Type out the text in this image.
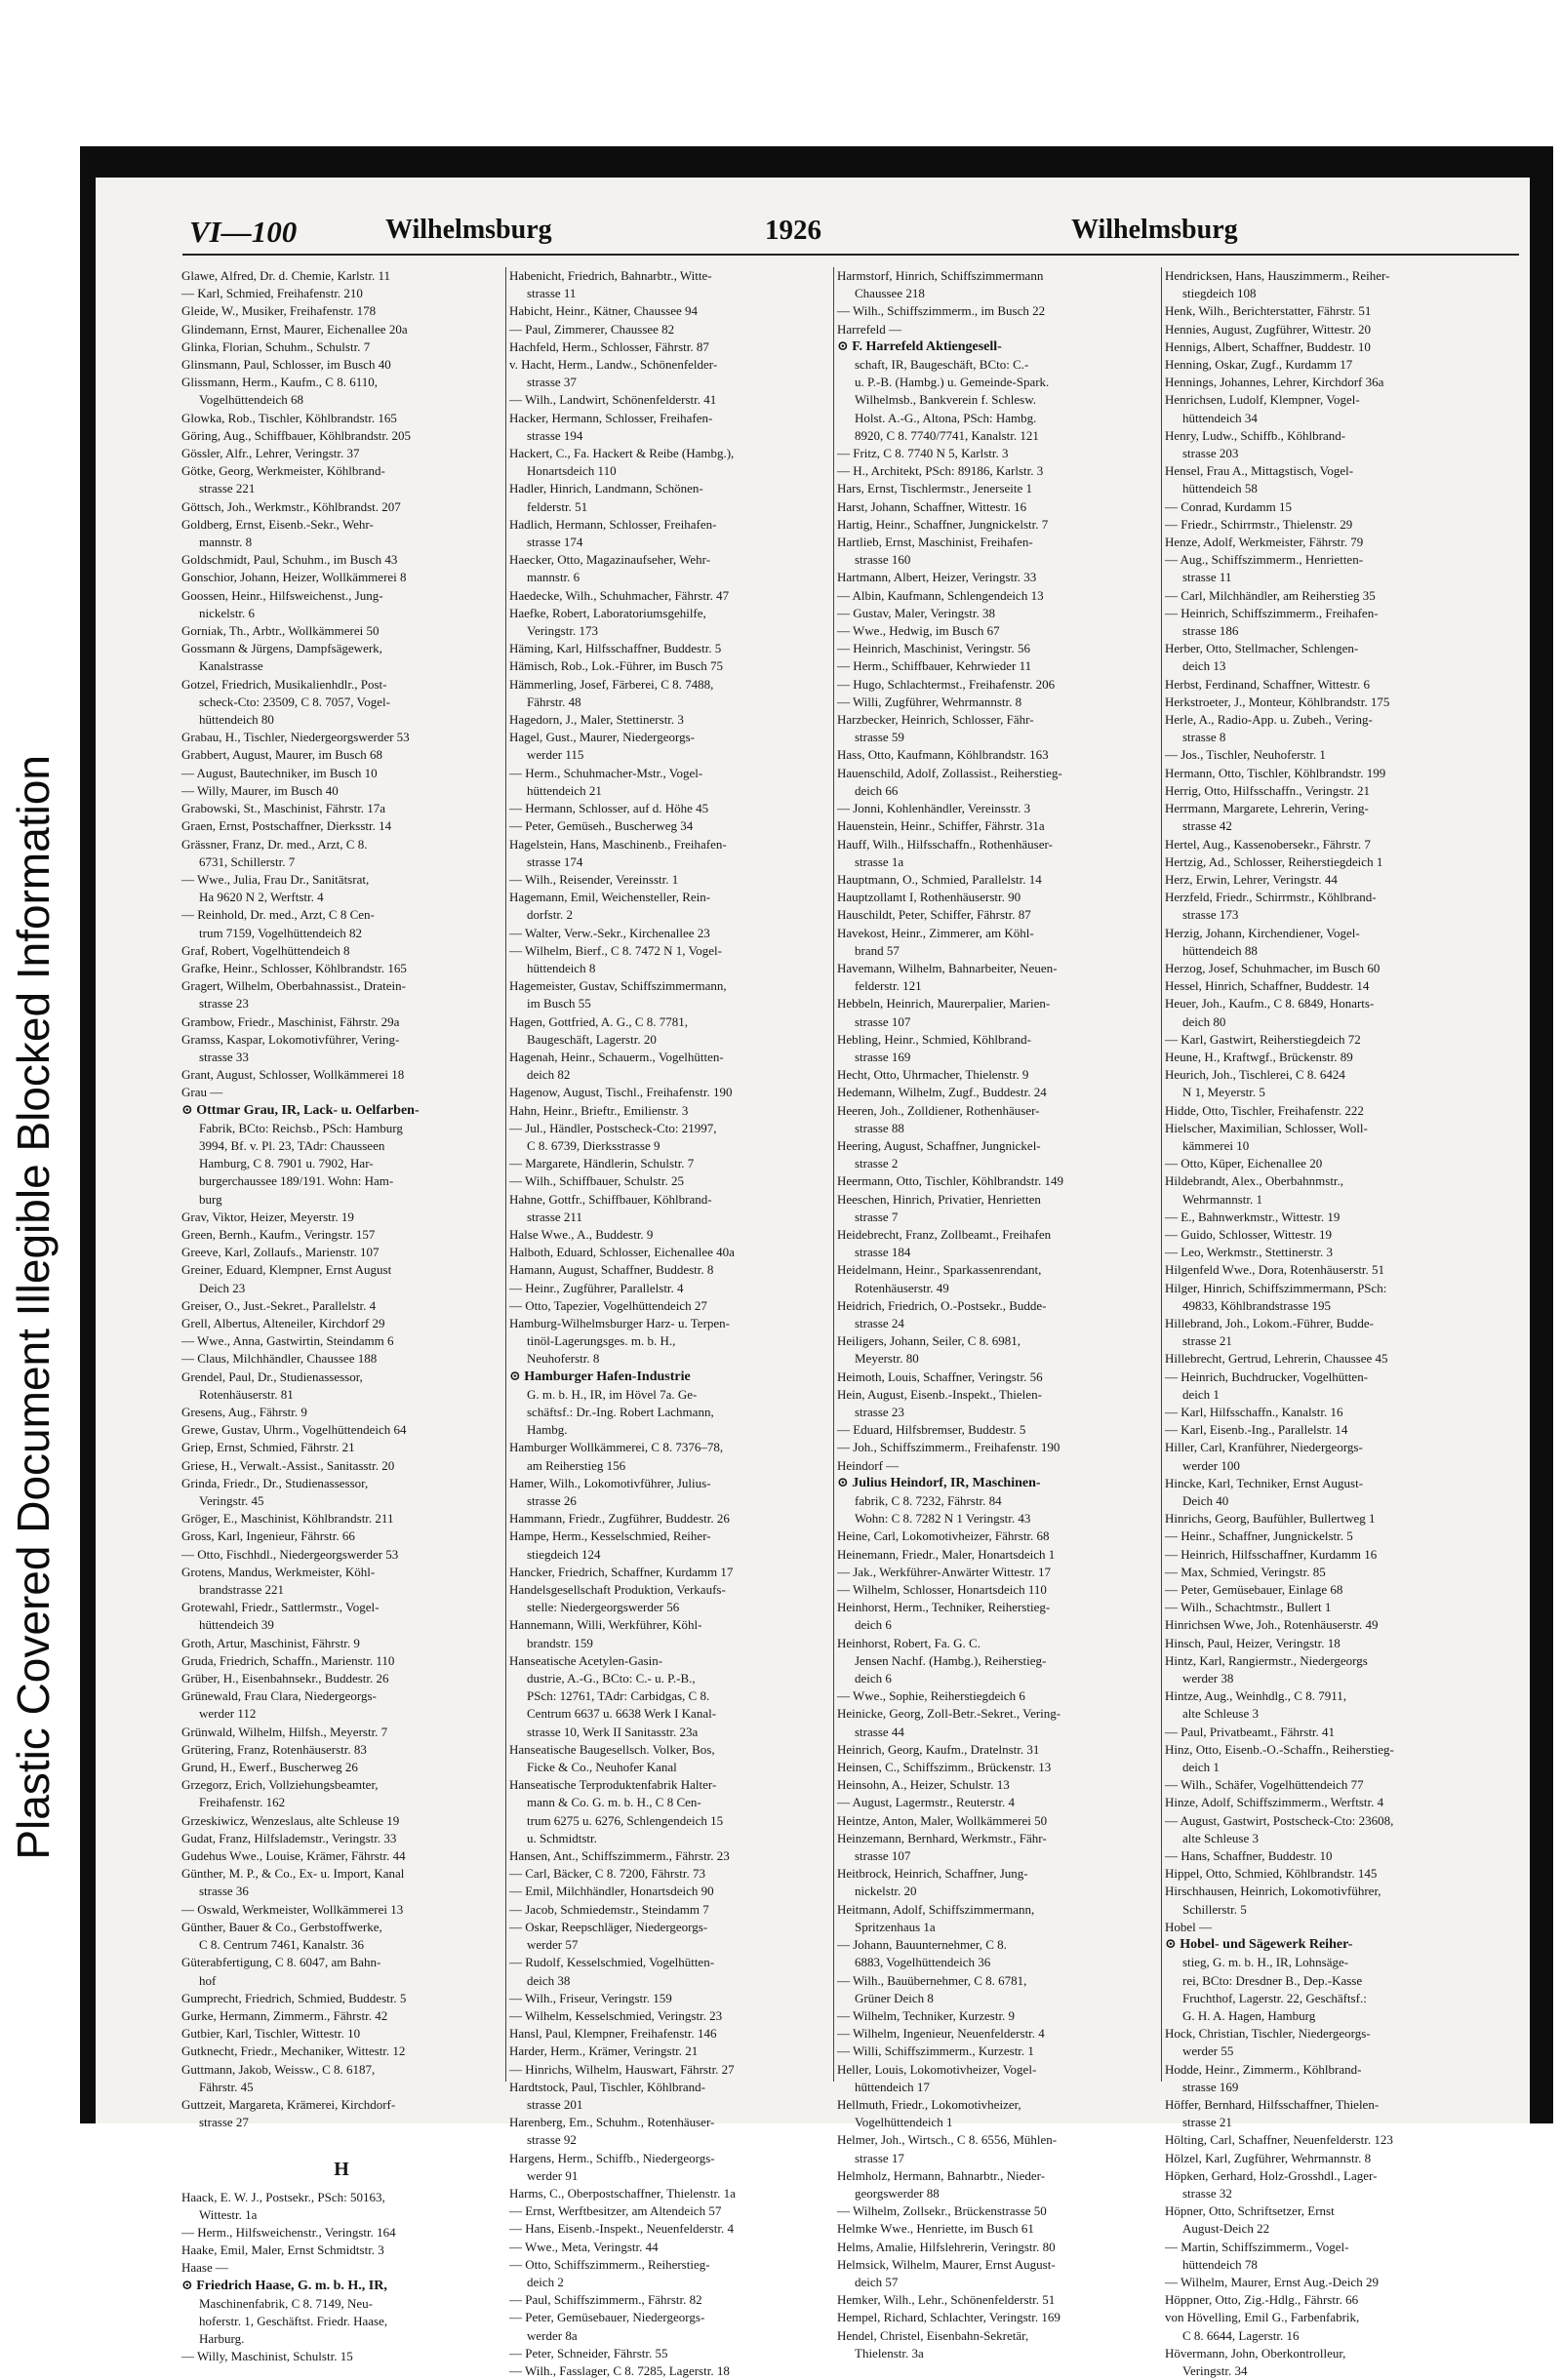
Plastic Covered Document Illegible Blocked Information
VI—100	Wilhelmsburg	1926	Wilhelmsburg
Glawe, Alfred, Dr. d. Chemie, Karlstr. 11
— Karl, Schmied, Freihafenstr. 210
Gleide, W., Musiker, Freihafenstr. 178
Glindemann, Ernst, Maurer, Eichenallee 20a
Glinka, Florian, Schuhm., Schulstr. 7
Glinsmann, Paul, Schlosser, im Busch 40
Glissmann, Herm., Kaufm., C 8. 6110,
Vogelhüttendeich 68
Glowka, Rob., Tischler, Köhlbrandstr. 165
Göring, Aug., Schiffbauer, Köhlbrandstr. 205
Gössler, Alfr., Lehrer, Veringstr. 37
Götke, Georg, Werkmeister, Köhlbrand-
strasse 221
Göttsch, Joh., Werkmstr., Köhlbrandst. 207
Goldberg, Ernst, Eisenb.-Sekr., Wehr-
mannstr. 8
Goldschmidt, Paul, Schuhm., im Busch 43
Gonschior, Johann, Heizer, Wollkämmerei 8
Goossen, Heinr., Hilfsweichenst., Jung-
nickelstr. 6
Gorniak, Th., Arbtr., Wollkämmerei 50
Gossmann & Jürgens, Dampfsägewerk,
Kanalstrasse
Gotzel, Friedrich, Musikalienhdlr., Post-
scheck-Cto: 23509, C 8. 7057, Vogel-
hüttendeich 80
Grabau, H., Tischler, Niedergeorgswerder 53
Grabbert, August, Maurer, im Busch 68
— August, Bautechniker, im Busch 10
— Willy, Maurer, im Busch 40
Grabowski, St., Maschinist, Fährstr. 17a
Graen, Ernst, Postschaffner, Dierksstr. 14
Grässner, Franz, Dr. med., Arzt, C 8.
6731, Schillerstr. 7
— Wwe., Julia, Frau Dr., Sanitätsrat,
Ha 9620 N 2, Werftstr. 4
— Reinhold, Dr. med., Arzt, C 8 Cen-
trum 7159, Vogelhüttendeich 82
Graf, Robert, Vogelhüttendeich 8
Grafke, Heinr., Schlosser, Köhlbrandstr. 165
Gragert, Wilhelm, Oberbahnassist., Dratein-
strasse 23
Grambow, Friedr., Maschinist, Fährstr. 29a
Gramss, Kaspar, Lokomotivführer, Vering-
strasse 33
Grant, August, Schlosser, Wollkämmerei 18
Grau —
⊙ Ottmar Grau, IR, Lack- u. Oelfarben-
Fabrik, BCto: Reichsb., PSch: Hamburg
3994, Bf. v. Pl. 23, TAdr: Chausseen
Hamburg, C 8. 7901 u. 7902, Har-
burgerchaussee 189/191. Wohn: Ham-
burg
Grav, Viktor, Heizer, Meyerstr. 19
Green, Bernh., Kaufm., Veringstr. 157
Greeve, Karl, Zollaufs., Marienstr. 107
Greiner, Eduard, Klempner, Ernst August
Deich 23
Greiser, O., Just.-Sekret., Parallelstr. 4
Grell, Albertus, Alteneiler, Kirchdorf 29
— Wwe., Anna, Gastwirtin, Steindamm 6
— Claus, Milchhändler, Chaussee 188
Grendel, Paul, Dr., Studienassessor,
Rotenhäuserstr. 81
Gresens, Aug., Fährstr. 9
Grewe, Gustav, Uhrm., Vogelhüttendeich 64
Griep, Ernst, Schmied, Fährstr. 21
Griese, H., Verwalt.-Assist., Sanitasstr. 20
Grinda, Friedr., Dr., Studienassessor,
Veringstr. 45
Gröger, E., Maschinist, Köhlbrandstr. 211
Gross, Karl, Ingenieur, Fährstr. 66
— Otto, Fischhdl., Niedergeorgswerder 53
Grotens, Mandus, Werkmeister, Köhl-
brandstrasse 221
Grotewahl, Friedr., Sattlermstr., Vogel-
hüttendeich 39
Groth, Artur, Maschinist, Fährstr. 9
Gruda, Friedrich, Schaffn., Marienstr. 110
Grüber, H., Eisenbahnsekr., Buddestr. 26
Grünewald, Frau Clara, Niedergeorgs-
werder 112
Grünwald, Wilhelm, Hilfsh., Meyerstr. 7
Grütering, Franz, Rotenhäuserstr. 83
Grund, H., Ewerf., Buscherweg 26
Grzegorz, Erich, Vollziehungsbeamter,
Freihafenstr. 162
Grzeskiwicz, Wenzeslaus, alte Schleuse 19
Gudat, Franz, Hilfslademstr., Veringstr. 33
Gudehus Wwe., Louise, Krämer, Fährstr. 44
Günther, M. P., & Co., Ex- u. Import, Kanal
strasse 36
— Oswald, Werkmeister, Wollkämmerei 13
Günther, Bauer & Co., Gerbstoffwerke,
C 8. Centrum 7461, Kanalstr. 36
Güterabfertigung, C 8. 6047, am Bahn-
hof
Gumprecht, Friedrich, Schmied, Buddestr. 5
Gurke, Hermann, Zimmerm., Fährstr. 42
Gutbier, Karl, Tischler, Wittestr. 10
Gutknecht, Friedr., Mechaniker, Wittestr. 12
Guttmann, Jakob, Weissw., C 8. 6187,
Fährstr. 45
Guttzeit, Margareta, Krämerei, Kirchdorf-
strasse 27

H
Haack, E. W. J., Postsekr., PSch: 50163,
Wittestr. 1a
— Herm., Hilfsweichenstr., Veringstr. 164
Haake, Emil, Maler, Ernst Schmidtstr. 3
Haase —
⊙ Friedrich Haase, G. m. b. H., IR,
Maschinenfabrik, C 8. 7149, Neu-
hoferstr. 1, Geschäftst. Friedr. Haase,
Harburg.
— Willy, Maschinist, Schulstr. 15
Habenicht, Friedrich, Bahnarbtr., Witte-
strasse 11
Habicht, Heinr., Kätner, Chaussee 94
— Paul, Zimmerer, Chaussee 82
Hachfeld, Herm., Schlosser, Fährstr. 87
v. Hacht, Herm., Landw., Schönenfelder-
strasse 37
— Wilh., Landwirt, Schönenfelderstr. 41
Hacker, Hermann, Schlosser, Freihafen-
strasse 194
Hackert, C., Fa. Hackert & Reibe (Hambg.),
Honartsdeich 110
Hadler, Hinrich, Landmann, Schönen-
felderstr. 51
Hadlich, Hermann, Schlosser, Freihafen-
strasse 174
Haecker, Otto, Magazinaufseher, Wehr-
mannstr. 6
Haedecke, Wilh., Schuhmacher, Fährstr. 47
Haefke, Robert, Laboratoriumsgehilfe,
Veringstr. 173
Häming, Karl, Hilfsschaffner, Buddestr. 5
Hämisch, Rob., Lok.-Führer, im Busch 75
Hämmerling, Josef, Färberei, C 8. 7488,
Fährstr. 48
Hagedorn, J., Maler, Stettinerstr. 3
Hagel, Gust., Maurer, Niedergeorgs-
werder 115
— Herm., Schuhmacher-Mstr., Vogel-
hüttendeich 21
— Hermann, Schlosser, auf d. Höhe 45
— Peter, Gemüseh., Buscherweg 34
Hagelstein, Hans, Maschinenb., Freihafen-
strasse 174
— Wilh., Reisender, Vereinsstr. 1
Hagemann, Emil, Weichensteller, Rein-
dorfstr. 2
— Walter, Verw.-Sekr., Kirchenallee 23
— Wilhelm, Bierf., C 8. 7472 N 1, Vogel-
hüttendeich 8
Hagemeister, Gustav, Schiffszimmermann,
im Busch 55
Hagen, Gottfried, A. G., C 8. 7781,
Baugeschäft, Lagerstr. 20
Hagenah, Heinr., Schauerm., Vogelhütten-
deich 82
Hagenow, August, Tischl., Freihafenstr. 190
Hahn, Heinr., Brieftr., Emilienstr. 3
— Jul., Händler, Postscheck-Cto: 21997,
C 8. 6739, Dierksstrasse 9
— Margarete, Händlerin, Schulstr. 7
— Wilh., Schiffbauer, Schulstr. 25
Hahne, Gottfr., Schiffbauer, Köhlbrand-
strasse 211
Halse Wwe., A., Buddestr. 9
Halboth, Eduard, Schlosser, Eichenallee 40a
Hamann, August, Schaffner, Buddestr. 8
— Heinr., Zugführer, Parallelstr. 4
— Otto, Tapezier, Vogelhüttendeich 27
Hamburg-Wilhelmsburger Harz- u. Terpen-
tinöl-Lagerungsges. m. b. H.,
Neuhoferstr. 8
⊙ Hamburger Hafen-Industrie
G. m. b. H., IR, im Hövel 7a. Ge-
schäftsf.: Dr.-Ing. Robert Lachmann,
Hambg.
Hamburger Wollkämmerei, C 8. 7376–78,
am Reiherstieg 156
Hamer, Wilh., Lokomotivführer, Julius-
strasse 26
Hammann, Friedr., Zugführer, Buddestr. 26
Hampe, Herm., Kesselschmied, Reiher-
stiegdeich 124
Hancker, Friedrich, Schaffner, Kurdamm 17
Handelsgesellschaft Produktion, Verkaufs-
stelle: Niedergeorgswerder 56
Hannemann, Willi, Werkführer, Köhl-
brandstr. 159
Hanseatische Acetylen-Gasin-
dustrie, A.-G., BCto: C.- u. P.-B.,
PSch: 12761, TAdr: Carbidgas, C 8.
Centrum 6637 u. 6638 Werk I Kanal-
strasse 10, Werk II Sanitasstr. 23a
Hanseatische Baugesellsch. Volker, Bos,
Ficke & Co., Neuhofer Kanal
Hanseatische Terproduktenfabrik Halter-
mann & Co. G. m. b. H., C 8 Cen-
trum 6275 u. 6276, Schlengendeich 15
u. Schmidtstr.
Hansen, Ant., Schiffszimmerm., Fährstr. 23
— Carl, Bäcker, C 8. 7200, Fährstr. 73
— Emil, Milchhändler, Honartsdeich 90
— Jacob, Schmiedemstr., Steindamm 7
— Oskar, Reepschläger, Niedergeorgs-
werder 57
— Rudolf, Kesselschmied, Vogelhütten-
deich 38
— Wilh., Friseur, Veringstr. 159
— Wilhelm, Kesselschmied, Veringstr. 23
Hansl, Paul, Klempner, Freihafenstr. 146
Harder, Herm., Krämer, Veringstr. 21
— Hinrichs, Wilhelm, Hauswart, Fährstr. 27
Hardtstock, Paul, Tischler, Köhlbrand-
strasse 201
Harenberg, Em., Schuhm., Rotenhäuser-
strasse 92
Hargens, Herm., Schiffb., Niedergeorgs-
werder 91
Harms, C., Oberpostschaffner, Thielenstr. 1a
— Ernst, Werftbesitzer, am Altendeich 57
— Hans, Eisenb.-Inspekt., Neuenfelderstr. 4
— Wwe., Meta, Veringstr. 44
— Otto, Schiffszimmerm., Reiherstieg-
deich 2
— Paul, Schiffszimmerm., Fährstr. 82
— Peter, Gemüsebauer, Niedergeorgs-
werder 8a
— Peter, Schneider, Fährstr. 55
— Wilh., Fasslager, C 8. 7285, Lagerstr. 18
Harmstorf, Hinrich, Schiffszimmermann
Chaussee 218
— Wilh., Schiffszimmerm., im Busch 22
Harrefeld —
⊙ F. Harrefeld Aktiengesell-
schaft, IR, Baugeschäft, BCto: C.-
u. P.-B. (Hambg.) u. Gemeinde-Spark.
Wilhelmsb., Bankverein f. Schlesw.
Holst. A.-G., Altona, PSch: Hambg.
8920, C 8. 7740/7741, Kanalstr. 121
— Fritz, C 8. 7740 N 5, Karlstr. 3
— H., Architekt, PSch: 89186, Karlstr. 3
Hars, Ernst, Tischlermstr., Jenerseite 1
Harst, Johann, Schaffner, Wittestr. 16
Hartig, Heinr., Schaffner, Jungnickelstr. 7
Hartlieb, Ernst, Maschinist, Freihafen-
strasse 160
Hartmann, Albert, Heizer, Veringstr. 33
— Albin, Kaufmann, Schlengendeich 13
— Gustav, Maler, Veringstr. 38
— Wwe., Hedwig, im Busch 67
— Heinrich, Maschinist, Veringstr. 56
— Herm., Schiffbauer, Kehrwieder 11
— Hugo, Schlachtermst., Freihafenstr. 206
— Willi, Zugführer, Wehrmannstr. 8
Harzbecker, Heinrich, Schlosser, Fähr-
strasse 59
Hass, Otto, Kaufmann, Köhlbrandstr. 163
Hauenschild, Adolf, Zollassist., Reiherstieg-
deich 66
— Jonni, Kohlenhändler, Vereinsstr. 3
Hauenstein, Heinr., Schiffer, Fährstr. 31a
Hauff, Wilh., Hilfsschaffn., Rothenhäuser-
strasse 1a
Hauptmann, O., Schmied, Parallelstr. 14
Hauptzollamt I, Rothenhäuserstr. 90
Hauschildt, Peter, Schiffer, Fährstr. 87
Havekost, Heinr., Zimmerer, am Köhl-
brand 57
Havemann, Wilhelm, Bahnarbeiter, Neuen-
felderstr. 121
Hebbeln, Heinrich, Maurerpalier, Marien-
strasse 107
Hebling, Heinr., Schmied, Köhlbrand-
strasse 169
Hecht, Otto, Uhrmacher, Thielenstr. 9
Hedemann, Wilhelm, Zugf., Buddestr. 24
Heeren, Joh., Zolldiener, Rothenhäuser-
strasse 88
Heering, August, Schaffner, Jungnickel-
strasse 2
Heermann, Otto, Tischler, Köhlbrandstr. 149
Heeschen, Hinrich, Privatier, Henrietten
strasse 7
Heidebrecht, Franz, Zollbeamt., Freihafen
strasse 184
Heidelmann, Heinr., Sparkassenrendant,
Rotenhäuserstr. 49
Heidrich, Friedrich, O.-Postsekr., Budde-
strasse 24
Heiligers, Johann, Seiler, C 8. 6981,
Meyerstr. 80
Heimoth, Louis, Schaffner, Veringstr. 56
Hein, August, Eisenb.-Inspekt., Thielen-
strasse 23
— Eduard, Hilfsbremser, Buddestr. 5
— Joh., Schiffszimmerm., Freihafenstr. 190
Heindorf —
⊙ Julius Heindorf, IR, Maschinen-
fabrik, C 8. 7232, Fährstr. 84
Wohn: C 8. 7282 N 1 Veringstr. 43
Heine, Carl, Lokomotivheizer, Fährstr. 68
Heinemann, Friedr., Maler, Honartsdeich 1
— Jak., Werkführer-Anwärter Wittestr. 17
— Wilhelm, Schlosser, Honartsdeich 110
Heinhorst, Herm., Techniker, Reiherstieg-
deich 6
Heinhorst, Robert, Fa. G. C.
Jensen Nachf. (Hambg.), Reiherstieg-
deich 6
— Wwe., Sophie, Reiherstiegdeich 6
Heinicke, Georg, Zoll-Betr.-Sekret., Vering-
strasse 44
Heinrich, Georg, Kaufm., Dratelnstr. 31
Heinsen, C., Schiffszimm., Brückenstr. 13
Heinsohn, A., Heizer, Schulstr. 13
— August, Lagermstr., Reuterstr. 4
Heintze, Anton, Maler, Wollkämmerei 50
Heinzemann, Bernhard, Werkmstr., Fähr-
strasse 107
Heitbrock, Heinrich, Schaffner, Jung-
nickelstr. 20
Heitmann, Adolf, Schiffszimmermann,
Spritzenhaus 1a
— Johann, Bauunternehmer, C 8.
6883, Vogelhüttendeich 36
— Wilh., Bauübernehmer, C 8. 6781,
Grüner Deich 8
— Wilhelm, Techniker, Kurzestr. 9
— Wilhelm, Ingenieur, Neuenfelderstr. 4
— Willi, Schiffszimmerm., Kurzestr. 1
Heller, Louis, Lokomotivheizer, Vogel-
hüttendeich 17
Hellmuth, Friedr., Lokomotivheizer,
Vogelhüttendeich 1
Helmer, Joh., Wirtsch., C 8. 6556, Mühlen-
strasse 17
Helmholz, Hermann, Bahnarbtr., Nieder-
georgswerder 88
— Wilhelm, Zollsekr., Brückenstrasse 50
Helmke Wwe., Henriette, im Busch 61
Helms, Amalie, Hilfslehrerin, Veringstr. 80
Helmsick, Wilhelm, Maurer, Ernst August-
deich 57
Hemker, Wilh., Lehr., Schönenfelderstr. 51
Hempel, Richard, Schlachter, Veringstr. 169
Hendel, Christel, Eisenbahn-Sekretär,
Thielenstr. 3a
Hendricksen, Hans, Hauszimmerm., Reiher-
stiegdeich 108
Henk, Wilh., Berichterstatter, Fährstr. 51
Hennies, August, Zugführer, Wittestr. 20
Hennigs, Albert, Schaffner, Buddestr. 10
Henning, Oskar, Zugf., Kurdamm 17
Hennings, Johannes, Lehrer, Kirchdorf 36a
Henrichsen, Ludolf, Klempner, Vogel-
hüttendeich 34
Henry, Ludw., Schiffb., Köhlbrand-
strasse 203
Hensel, Frau A., Mittagstisch, Vogel-
hüttendeich 58
— Conrad, Kurdamm 15
— Friedr., Schirrmstr., Thielenstr. 29
Henze, Adolf, Werkmeister, Fährstr. 79
— Aug., Schiffszimmerm., Henrietten-
strasse 11
— Carl, Milchhändler, am Reiherstieg 35
— Heinrich, Schiffszimmerm., Freihafen-
strasse 186
Herber, Otto, Stellmacher, Schlengen-
deich 13
Herbst, Ferdinand, Schaffner, Wittestr. 6
Herkstroeter, J., Monteur, Köhlbrandstr. 175
Herle, A., Radio-App. u. Zubeh., Vering-
strasse 8
— Jos., Tischler, Neuhoferstr. 1
Hermann, Otto, Tischler, Köhlbrandstr. 199
Herrig, Otto, Hilfsschaffn., Veringstr. 21
Herrmann, Margarete, Lehrerin, Vering-
strasse 42
Hertel, Aug., Kassenobersekr., Fährstr. 7
Hertzig, Ad., Schlosser, Reiherstiegdeich 1
Herz, Erwin, Lehrer, Veringstr. 44
Herzfeld, Friedr., Schirrmstr., Köhlbrand-
strasse 173
Herzig, Johann, Kirchendiener, Vogel-
hüttendeich 88
Herzog, Josef, Schuhmacher, im Busch 60
Hessel, Hinrich, Schaffner, Buddestr. 14
Heuer, Joh., Kaufm., C 8. 6849, Honarts-
deich 80
— Karl, Gastwirt, Reiherstiegdeich 72
Heune, H., Kraftwgf., Brückenstr. 89
Heurich, Joh., Tischlerei, C 8. 6424
N 1, Meyerstr. 5
Hidde, Otto, Tischler, Freihafenstr. 222
Hielscher, Maximilian, Schlosser, Woll-
kämmerei 10
— Otto, Küper, Eichenallee 20
Hildebrandt, Alex., Oberbahnmstr.,
Wehrmannstr. 1
— E., Bahnwerkmstr., Wittestr. 19
— Guido, Schlosser, Wittestr. 19
— Leo, Werkmstr., Stettinerstr. 3
Hilgenfeld Wwe., Dora, Rotenhäuserstr. 51
Hilger, Hinrich, Schiffszimmermann, PSch:
49833, Köhlbrandstrasse 195
Hillebrand, Joh., Lokom.-Führer, Budde-
strasse 21
Hillebrecht, Gertrud, Lehrerin, Chaussee 45
— Heinrich, Buchdrucker, Vogelhütten-
deich 1
— Karl, Hilfsschaffn., Kanalstr. 16
— Karl, Eisenb.-Ing., Parallelstr. 14
Hiller, Carl, Kranführer, Niedergeorgs-
werder 100
Hincke, Karl, Techniker, Ernst August-
Deich 40
Hinrichs, Georg, Baufühler, Bullertweg 1
— Heinr., Schaffner, Jungnickelstr. 5
— Heinrich, Hilfsschaffner, Kurdamm 16
— Max, Schmied, Veringstr. 85
— Peter, Gemüsebauer, Einlage 68
— Wilh., Schachtmstr., Bullert 1
Hinrichsen Wwe, Joh., Rotenhäuserstr. 49
Hinsch, Paul, Heizer, Veringstr. 18
Hintz, Karl, Rangiermstr., Niedergeorgs
werder 38
Hintze, Aug., Weinhdlg., C 8. 7911,
alte Schleuse 3
— Paul, Privatbeamt., Fährstr. 41
Hinz, Otto, Eisenb.-O.-Schaffn., Reiherstieg-
deich 1
— Wilh., Schäfer, Vogelhüttendeich 77
Hinze, Adolf, Schiffszimmerm., Werftstr. 4
— August, Gastwirt, Postscheck-Cto: 23608,
alte Schleuse 3
— Hans, Schaffner, Buddestr. 10
Hippel, Otto, Schmied, Köhlbrandstr. 145
Hirschhausen, Heinrich, Lokomotivführer,
Schillerstr. 5
Hobel —
⊙ Hobel- und Sägewerk Reiher-
stieg, G. m. b. H., IR, Lohnsäge-
rei, BCto: Dresdner B., Dep.-Kasse
Fruchthof, Lagerstr. 22, Geschäftsf.:
G. H. A. Hagen, Hamburg
Hock, Christian, Tischler, Niedergeorgs-
werder 55
Hodde, Heinr., Zimmerm., Köhlbrand-
strasse 169
Höffer, Bernhard, Hilfsschaffner, Thielen-
strasse 21
Hölting, Carl, Schaffner, Neuenfelderstr. 123
Hölzel, Karl, Zugführer, Wehrmannstr. 8
Höpken, Gerhard, Holz-Grosshdl., Lager-
strasse 32
Höpner, Otto, Schriftsetzer, Ernst
August-Deich 22
— Martin, Schiffszimmerm., Vogel-
hüttendeich 78
— Wilhelm, Maurer, Ernst Aug.-Deich 29
Höppner, Otto, Zig.-Hdlg., Fährstr. 66
von Hövelling, Emil G., Farbenfabrik,
C 8. 6644, Lagerstr. 16
Hövermann, John, Oberkontrolleur,
Veringstr. 34
